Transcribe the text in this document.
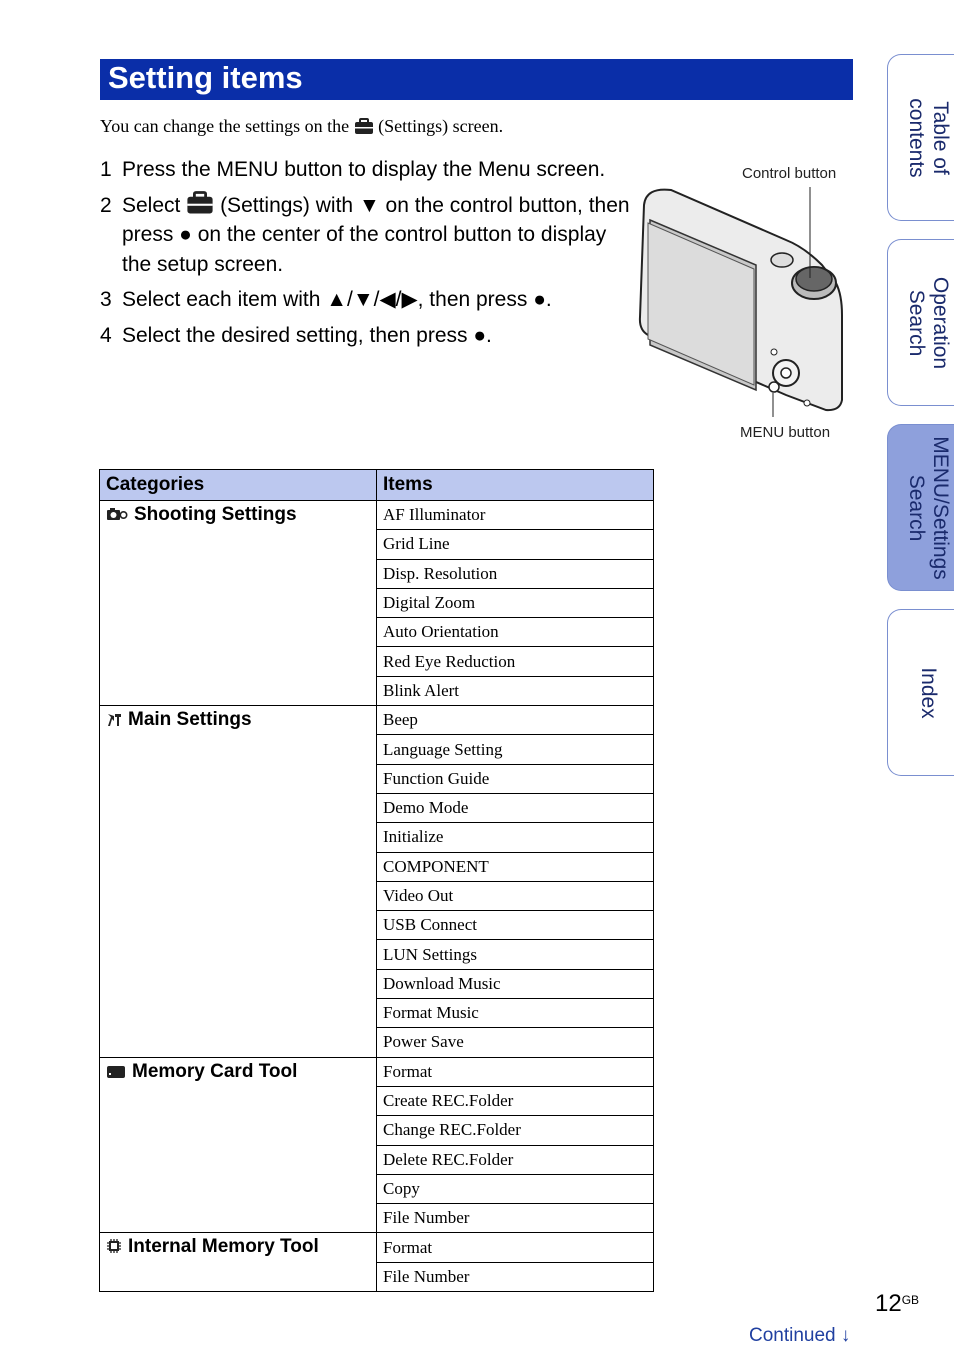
Setting items
You can change the settings on the (Settings) screen.
1 Press the MENU button to display the Menu screen.
2 Select (Settings) with ▼ on the control button, then press ● on the center of the control button to display the setup screen.
3 Select each item with ▲/▼/◀/▶, then press ●.
4 Select the desired setting, then press ●.
Control button
MENU button
Categories	Items
Shooting Settings	AF Illuminator
	Grid Line
	Disp. Resolution
	Digital Zoom
	Auto Orientation
	Red Eye Reduction
	Blink Alert
Main Settings	Beep
	Language Setting
	Function Guide
	Demo Mode
	Initialize
	COMPONENT
	Video Out
	USB Connect
	LUN Settings
	Download Music
	Format Music
	Power Save
Memory Card Tool	Format
	Create REC.Folder
	Change REC.Folder
	Delete REC.Folder
	Copy
	File Number
Internal Memory Tool	Format
	File Number
Table of contents
Operation Search
MENU/Settings Search
Index
$12^{GB}$
Continued ↓
